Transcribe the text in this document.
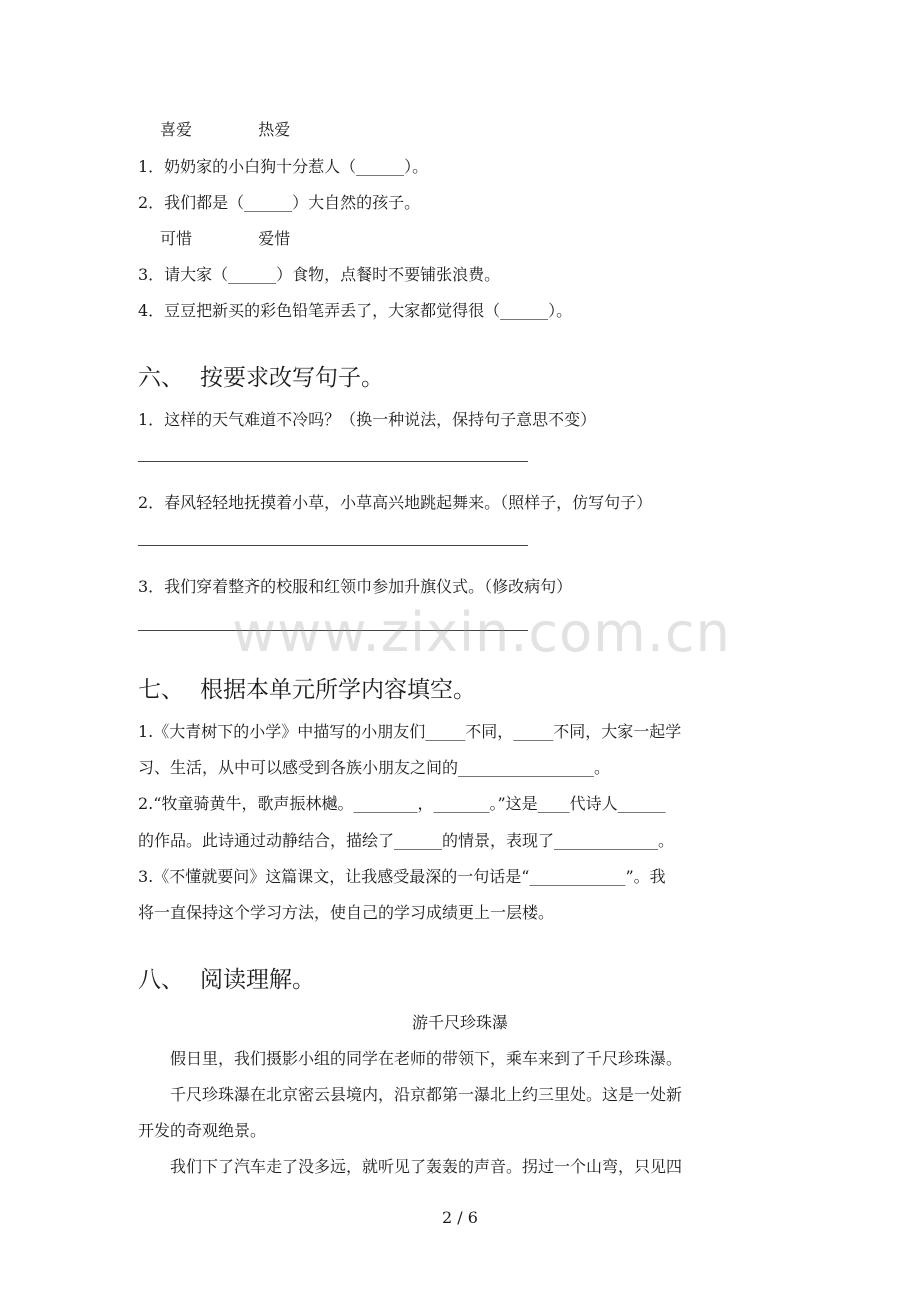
喜爱	热爱
1．奶奶家的小白狗十分惹人（______）。
2．我们都是（______）大自然的孩子。
可惜	爱惜
3．请大家（______）食物，点餐时不要铺张浪费。
4．豆豆把新买的彩色铅笔弄丢了，大家都觉得很（______）。
六、 按要求改写句子。
1．这样的天气难道不冷吗？（换一种说法，保持句子意思不变）
2．春风轻轻地抚摸着小草，小草高兴地跳起舞来。（照样子，仿写句子）
3．我们穿着整齐的校服和红领巾参加升旗仪式。（修改病句）
www.zixin.com.cn
七、 根据本单元所学内容填空。
1.《大青树下的小学》中描写的小朋友们_____不同，_____不同，大家一起学
习、生活，从中可以感受到各族小朋友之间的_________________。
2.“牧童骑黄牛，歌声振林樾。________，_______。”这是____代诗人______
的作品。此诗通过动静结合，描绘了______的情景，表现了_____________。
3.《不懂就要问》这篇课文，让我感受最深的一句话是“____________”。我
将一直保持这个学习方法，使自己的学习成绩更上一层楼。
八、 阅读理解。
游千尺珍珠瀑
假日里，我们摄影小组的同学在老师的带领下，乘车来到了千尺珍珠瀑。
千尺珍珠瀑在北京密云县境内，沿京都第一瀑北上约三里处。这是一处新
开发的奇观绝景。
我们下了汽车走了没多远，就听见了轰轰的声音。拐过一个山弯，只见四
2 / 6
